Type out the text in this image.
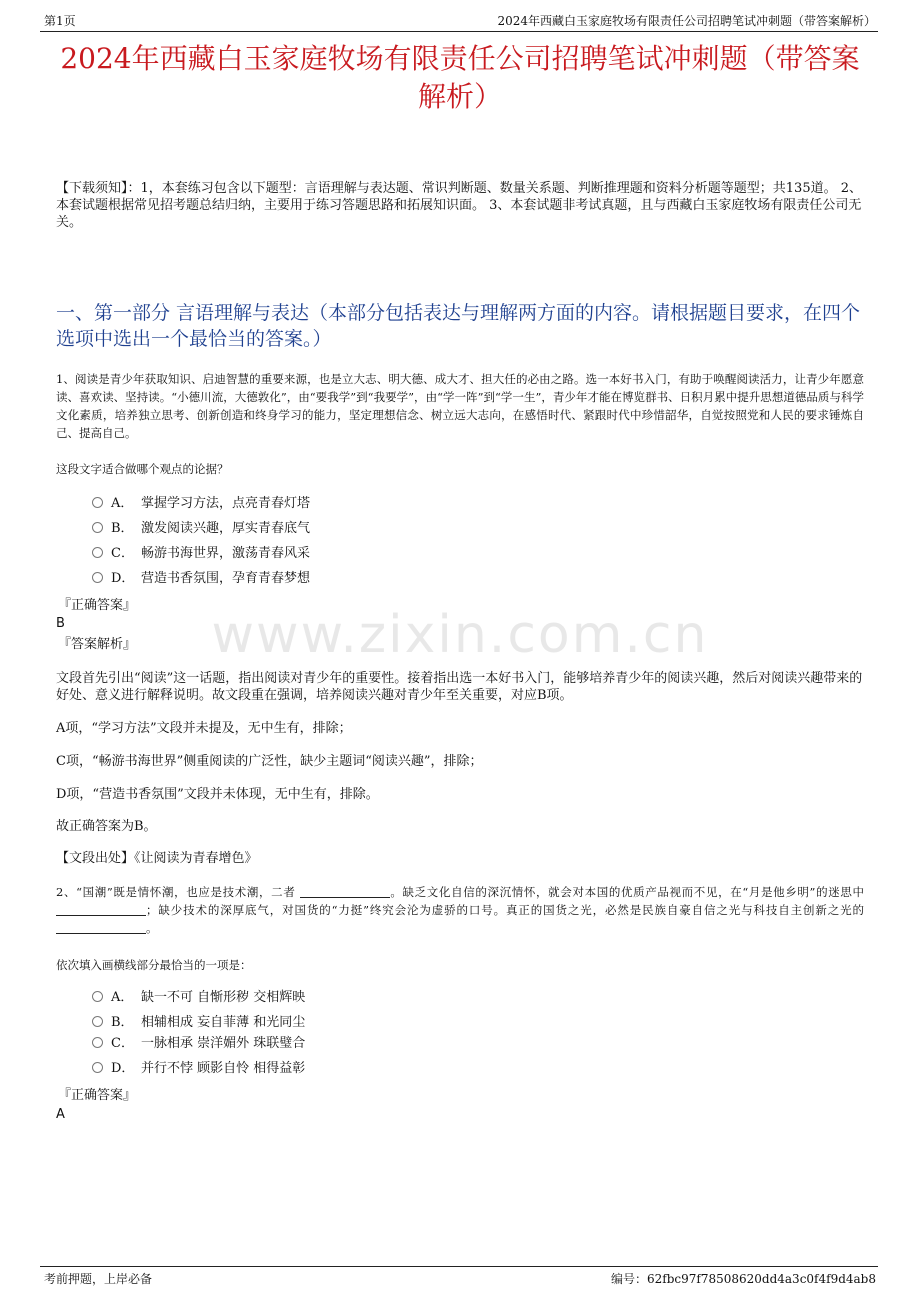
第1页	2024年西藏白玉家庭牧场有限责任公司招聘笔试冲刺题（带答案解析）
www.zixin.com.cn
2024年西藏白玉家庭牧场有限责任公司招聘笔试冲刺题（带答案解析）
【下载须知】：1，本套练习包含以下题型：言语理解与表达题、常识判断题、数量关系题、判断推理题和资料分析题等题型；共135道。 2、本套试题根据常见招考题总结归纳，主要用于练习答题思路和拓展知识面。 3、本套试题非考试真题，且与西藏白玉家庭牧场有限责任公司无关。
一、第一部分 言语理解与表达（本部分包括表达与理解两方面的内容。请根据题目要求，在四个选项中选出一个最恰当的答案。）
1、阅读是青少年获取知识、启迪智慧的重要来源，也是立大志、明大德、成大才、担大任的必由之路。选一本好书入门，有助于唤醒阅读活力，让青少年愿意读、喜欢读、坚持读。“小德川流，大德敦化”，由“要我学”到“我要学”，由“学一阵”到“学一生”，青少年才能在博览群书、日积月累中提升思想道德品质与科学文化素质，培养独立思考、创新创造和终身学习的能力，坚定理想信念、树立远大志向，在感悟时代、紧跟时代中珍惜韶华，自觉按照党和人民的要求锤炼自己、提高自己。
这段文字适合做哪个观点的论据？
A． 掌握学习方法，点亮青春灯塔
B． 激发阅读兴趣，厚实青春底气
C． 畅游书海世界，激荡青春风采
D． 营造书香氛围，孕育青春梦想
『正确答案』
B
『答案解析』
文段首先引出“阅读”这一话题，指出阅读对青少年的重要性。接着指出选一本好书入门，能够培养青少年的阅读兴趣，然后对阅读兴趣带来的好处、意义进行解释说明。故文段重在强调，培养阅读兴趣对青少年至关重要，对应B项。
A项，“学习方法”文段并未提及，无中生有，排除；
C项，“畅游书海世界”侧重阅读的广泛性，缺少主题词“阅读兴趣”，排除；
D项，“营造书香氛围”文段并未体现，无中生有，排除。
故正确答案为B。
【文段出处】《让阅读为青春增色》
2、“国潮”既是情怀潮，也应是技术潮，二者	。缺乏文化自信的深沉情怀，就会对本国的优质产品视而不见，在“月是他乡明”的迷思中 ；缺少技术的深厚底气，对国货的“力挺”终究会沦为虚骄的口号。真正的国货之光，必然是民族自豪自信之光与科技自主创新之光的 。
依次填入画横线部分最恰当的一项是：
A． 缺一不可 自惭形秽 交相辉映
B． 相辅相成 妄自菲薄 和光同尘
C． 一脉相承 崇洋媚外 珠联璧合
D． 并行不悖 顾影自怜 相得益彰
『正确答案』
A
考前押题，上岸必备	编号：62fbc97f78508620dd4a3c0f4f9d4ab8
